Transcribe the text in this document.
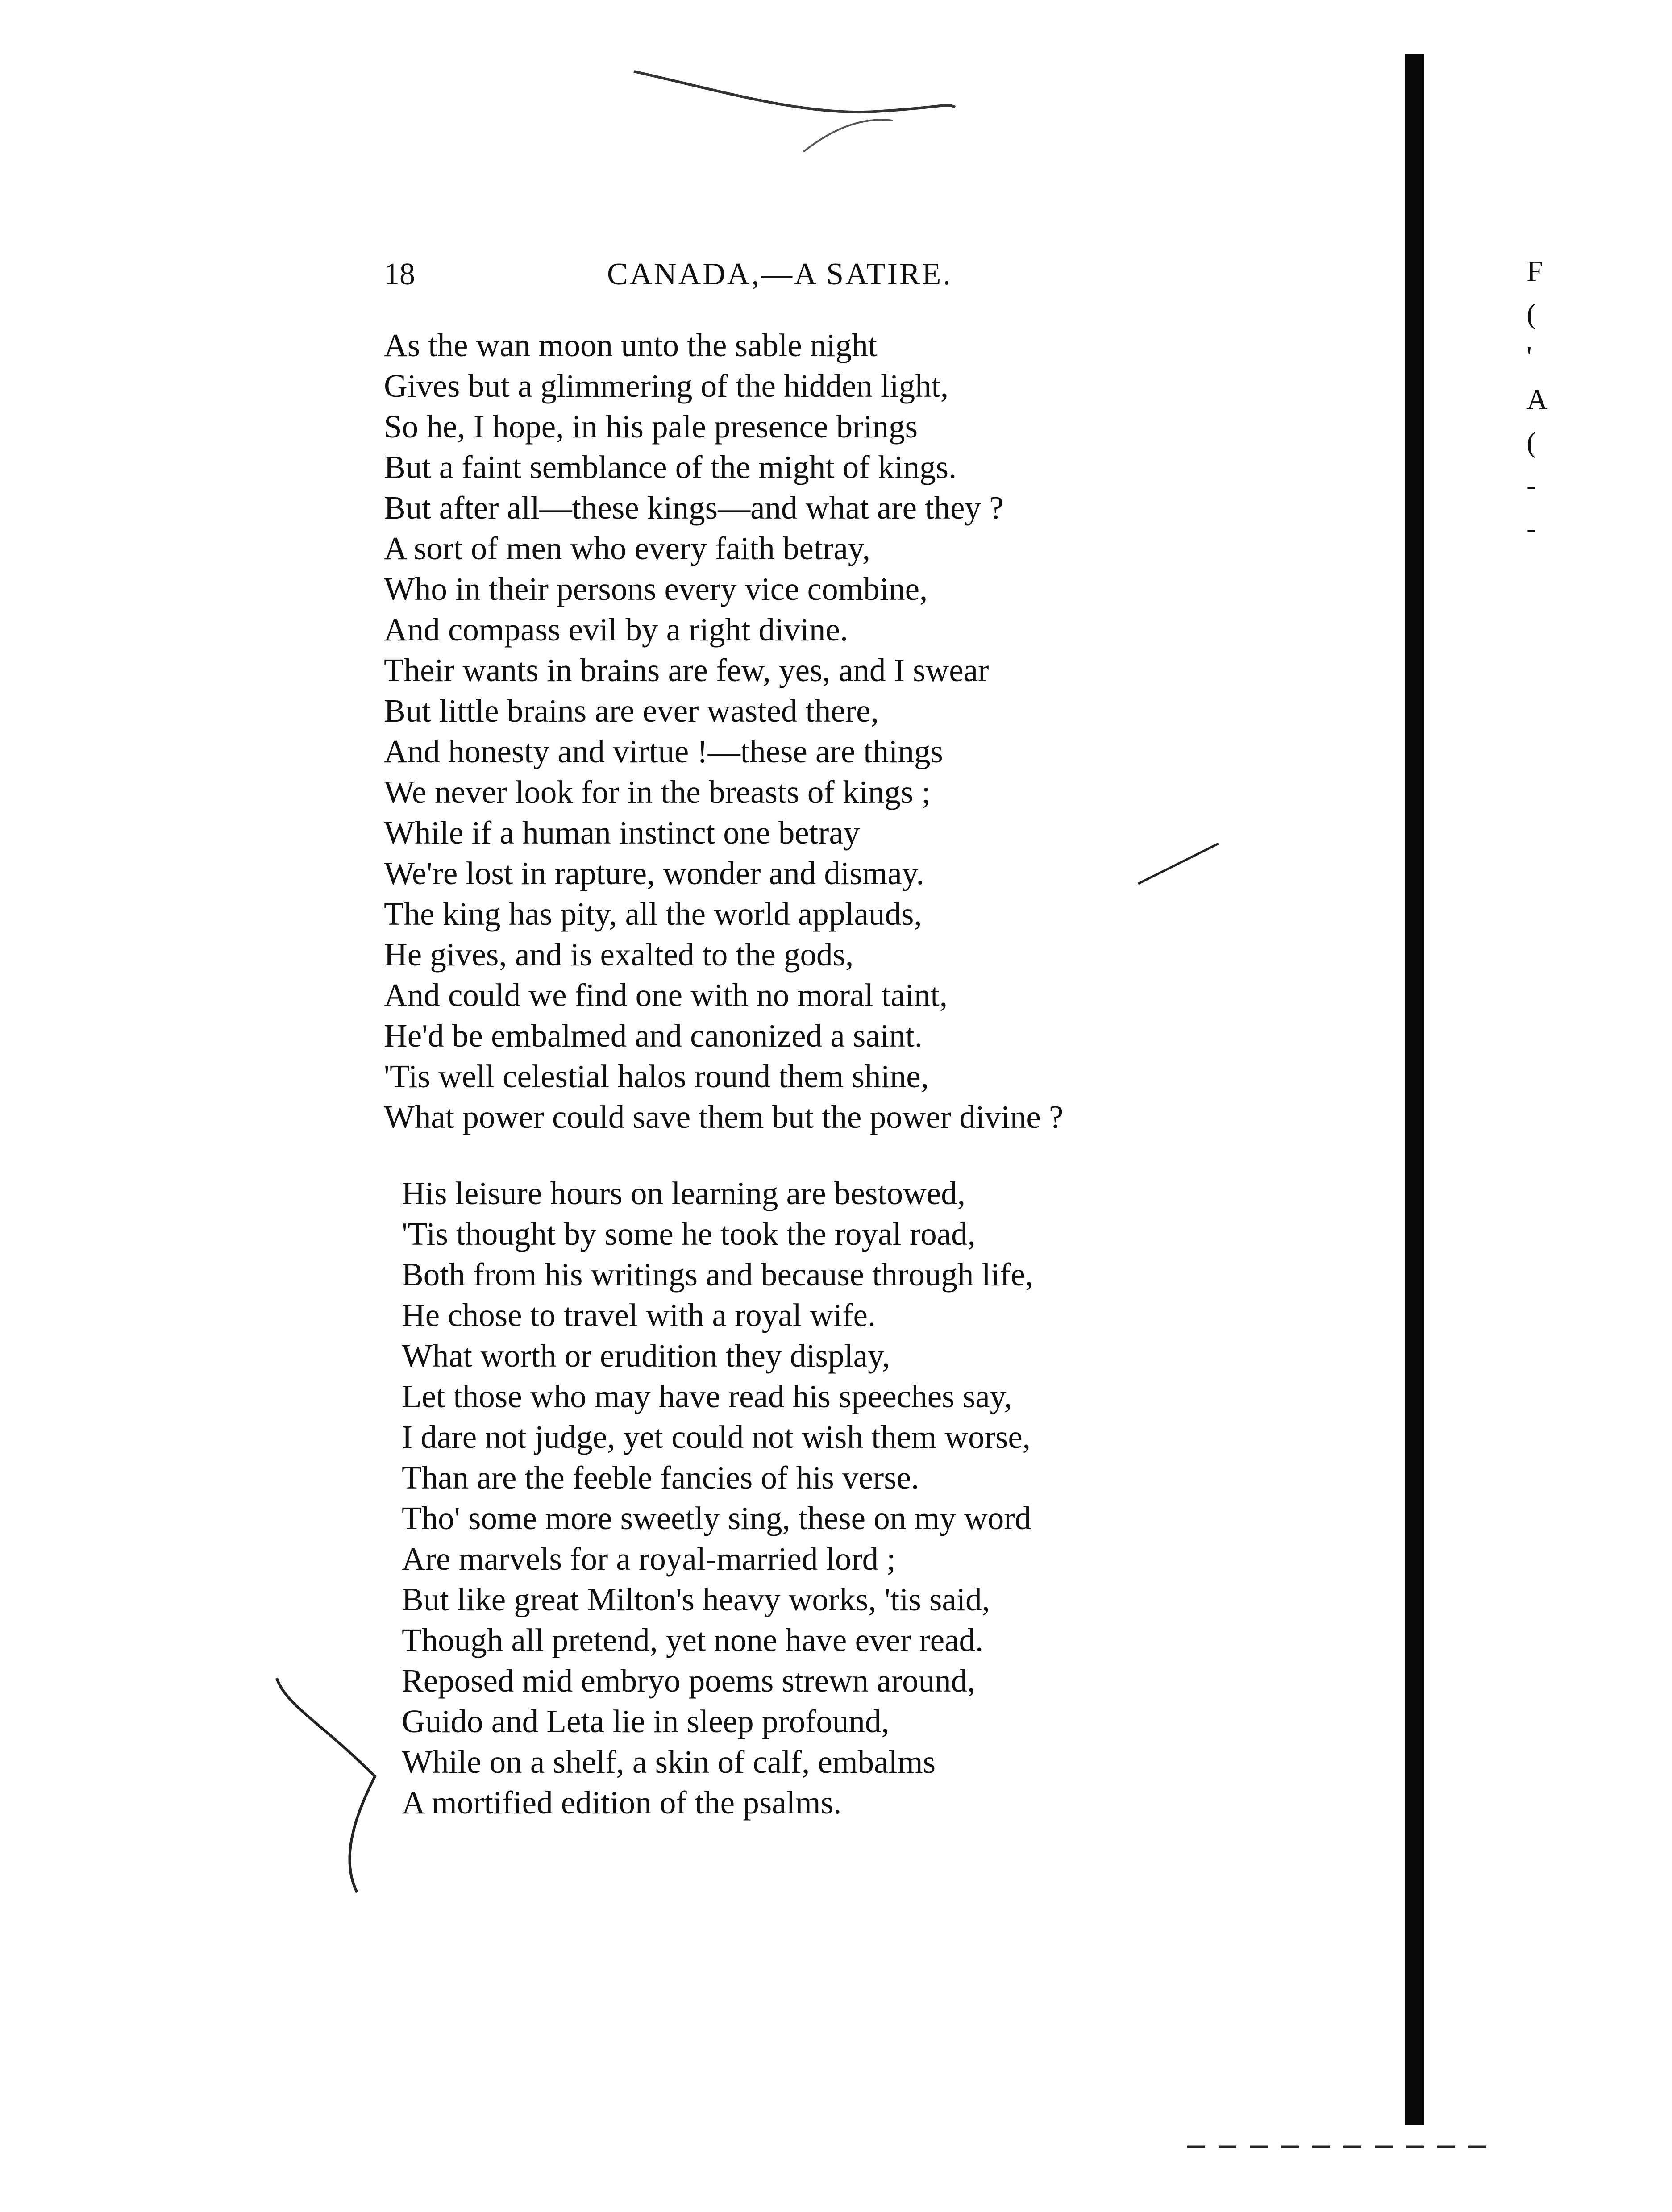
18	CANADA,—A SATIRE.
As the wan moon unto the sable night
Gives but a glimmering of the hidden light,
So he, I hope, in his pale presence brings
But a faint semblance of the might of kings.
But after all—these kings—and what are they ?
A sort of men who every faith betray,
Who in their persons every vice combine,
And compass evil by a right divine.
Their wants in brains are few, yes, and I swear
But little brains are ever wasted there,
And honesty and virtue !—these are things
We never look for in the breasts of kings ;
While if a human instinct one betray
We're lost in rapture, wonder and dismay.
The king has pity, all the world applauds,
He gives, and is exalted to the gods,
And could we find one with no moral taint,
He'd be embalmed and canonized a saint.
'Tis well celestial halos round them shine,
What power could save them but the power divine ?
His leisure hours on learning are bestowed,
'Tis thought by some he took the royal road,
Both from his writings and because through life,
He chose to travel with a royal wife.
What worth or erudition they display,
Let those who may have read his speeches say,
I dare not judge, yet could not wish them worse,
Than are the feeble fancies of his verse.
Tho' some more sweetly sing, these on my word
Are marvels for a royal-married lord ;
But like great Milton's heavy works, 'tis said,
Though all pretend, yet none have ever read.
Reposed mid embryo poems strewn around,
Guido and Leta lie in sleep profound,
While on a shelf, a skin of calf, embalms
A mortified edition of the psalms.
F
(
'
A
(
-
-
